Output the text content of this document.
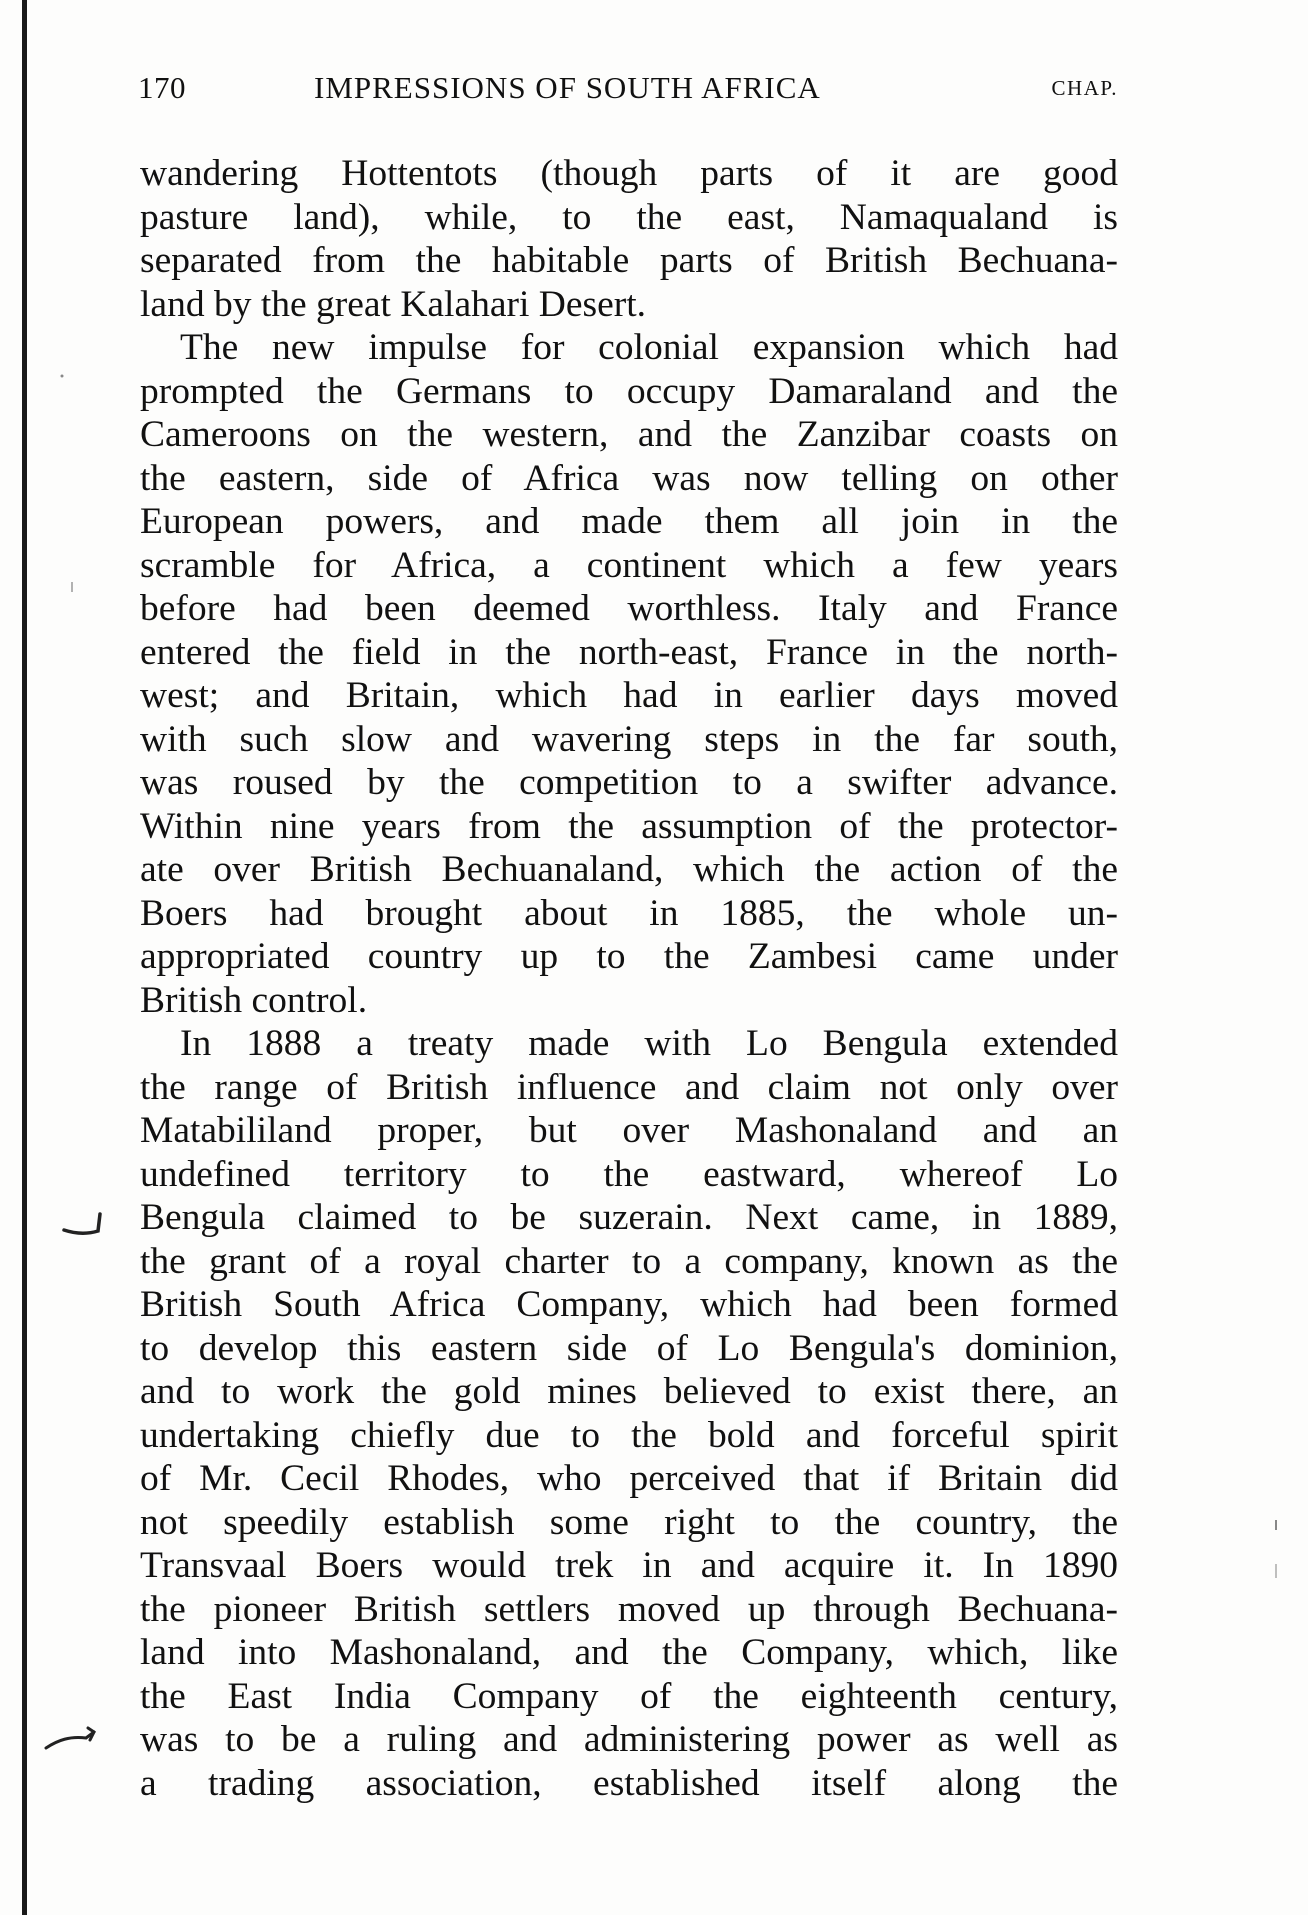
170	IMPRESSIONS OF SOUTH AFRICA	CHAP.
wandering Hottentots (though parts of it are good
pasture land), while, to the east, Namaqualand is
separated from the habitable parts of British Bechuana-
land by the great Kalahari Desert.
The new impulse for colonial expansion which had
prompted the Germans to occupy Damaraland and the
Cameroons on the western, and the Zanzibar coasts on
the eastern, side of Africa was now telling on other
European powers, and made them all join in the
scramble for Africa, a continent which a few years
before had been deemed worthless. Italy and France
entered the field in the north-east, France in the north-
west; and Britain, which had in earlier days moved
with such slow and wavering steps in the far south,
was roused by the competition to a swifter advance.
Within nine years from the assumption of the protector-
ate over British Bechuanaland, which the action of the
Boers had brought about in 1885, the whole un-
appropriated country up to the Zambesi came under
British control.
In 1888 a treaty made with Lo Bengula extended
the range of British influence and claim not only over
Matabililand proper, but over Mashonaland and an
undefined territory to the eastward, whereof Lo
Bengula claimed to be suzerain. Next came, in 1889,
the grant of a royal charter to a company, known as the
British South Africa Company, which had been formed
to develop this eastern side of Lo Bengula's dominion,
and to work the gold mines believed to exist there, an
undertaking chiefly due to the bold and forceful spirit
of Mr. Cecil Rhodes, who perceived that if Britain did
not speedily establish some right to the country, the
Transvaal Boers would trek in and acquire it. In 1890
the pioneer British settlers moved up through Bechuana-
land into Mashonaland, and the Company, which, like
the East India Company of the eighteenth century,
was to be a ruling and administering power as well as
a trading association, established itself along the
